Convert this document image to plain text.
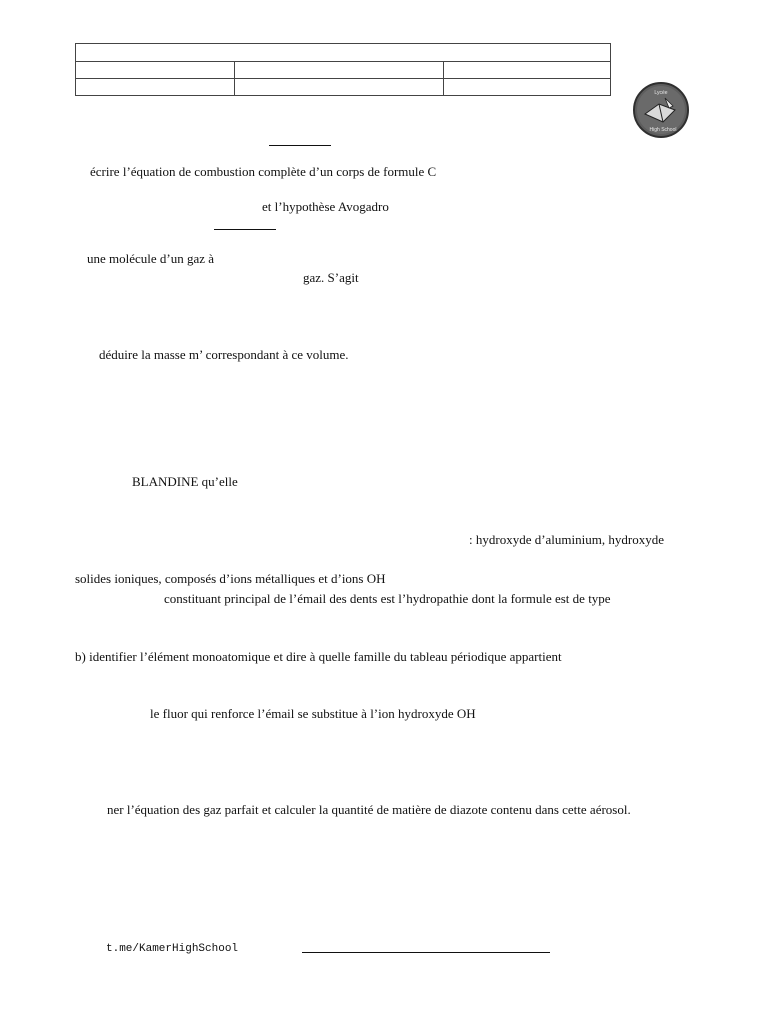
Lycée
High School
écrire l’équation de combustion complète d’un corps de formule C
et l’hypothèse Avogadro
une molécule d’un gaz à
gaz. S’agit
déduire la masse m’ correspondant à ce volume.
BLANDINE qu’elle
: hydroxyde d’aluminium, hydroxyde
solides ioniques, composés d’ions métalliques et d’ions OH
constituant principal de l’émail des dents est l’hydropathie dont la formule est de type
b) identifier l’élément monoatomique et dire à quelle famille du tableau périodique appartient
le fluor qui renforce l’émail se substitue à l’ion hydroxyde OH
ner l’équation des gaz parfait et calculer la quantité de matière de diazote contenu dans cette aérosol.
t.me/KamerHighSchool
